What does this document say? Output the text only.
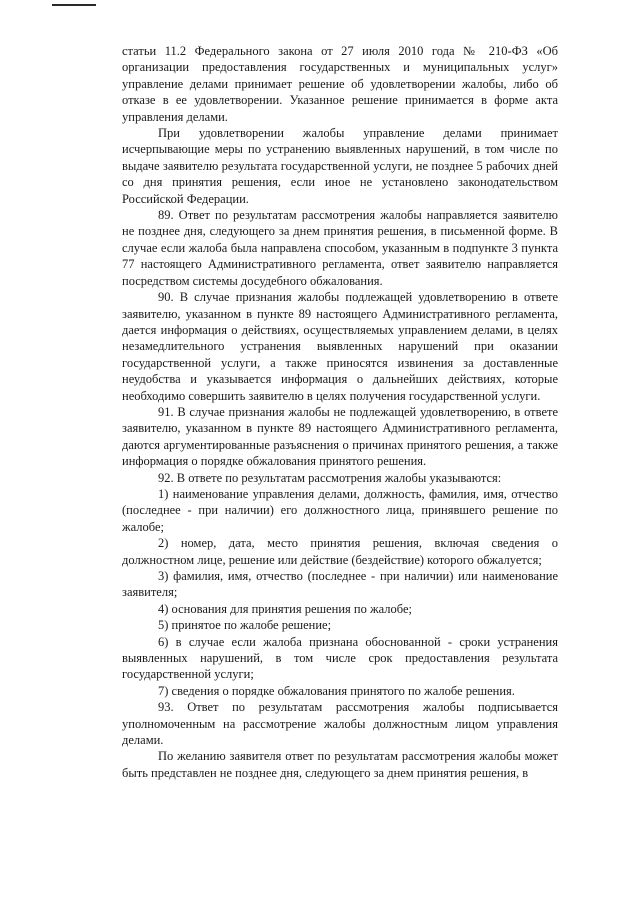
статьи 11.2 Федерального закона от 27 июля 2010 года № 210-ФЗ «Об организации предоставления государственных и муниципальных услуг» управление делами принимает решение об удовлетворении жалобы, либо об отказе в ее удовлетворении. Указанное решение принимается в форме акта управления делами.

При удовлетворении жалобы управление делами принимает исчерпывающие меры по устранению выявленных нарушений, в том числе по выдаче заявителю результата государственной услуги, не позднее 5 рабочих дней со дня принятия решения, если иное не установлено законодательством Российской Федерации.

89. Ответ по результатам рассмотрения жалобы направляется заявителю не позднее дня, следующего за днем принятия решения, в письменной форме. В случае если жалоба была направлена способом, указанным в подпункте 3 пункта 77 настоящего Административного регламента, ответ заявителю направляется посредством системы досудебного обжалования.

90. В случае признания жалобы подлежащей удовлетворению в ответе заявителю, указанном в пункте 89 настоящего Административного регламента, дается информация о действиях, осуществляемых управлением делами, в целях незамедлительного устранения выявленных нарушений при оказании государственной услуги, а также приносятся извинения за доставленные неудобства и указывается информация о дальнейших действиях, которые необходимо совершить заявителю в целях получения государственной услуги.

91. В случае признания жалобы не подлежащей удовлетворению, в ответе заявителю, указанном в пункте 89 настоящего Административного регламента, даются аргументированные разъяснения о причинах принятого решения, а также информация о порядке обжалования принятого решения.

92. В ответе по результатам рассмотрения жалобы указываются:

1) наименование управления делами, должность, фамилия, имя, отчество (последнее - при наличии) его должностного лица, принявшего решение по жалобе;

2) номер, дата, место принятия решения, включая сведения о должностном лице, решение или действие (бездействие) которого обжалуется;

3) фамилия, имя, отчество (последнее - при наличии) или наименование заявителя;

4) основания для принятия решения по жалобе;

5) принятое по жалобе решение;

6) в случае если жалоба признана обоснованной - сроки устранения выявленных нарушений, в том числе срок предоставления результата государственной услуги;

7) сведения о порядке обжалования принятого по жалобе решения.

93. Ответ по результатам рассмотрения жалобы подписывается уполномоченным на рассмотрение жалобы должностным лицом управления делами.

По желанию заявителя ответ по результатам рассмотрения жалобы может быть представлен не позднее дня, следующего за днем принятия решения, в
